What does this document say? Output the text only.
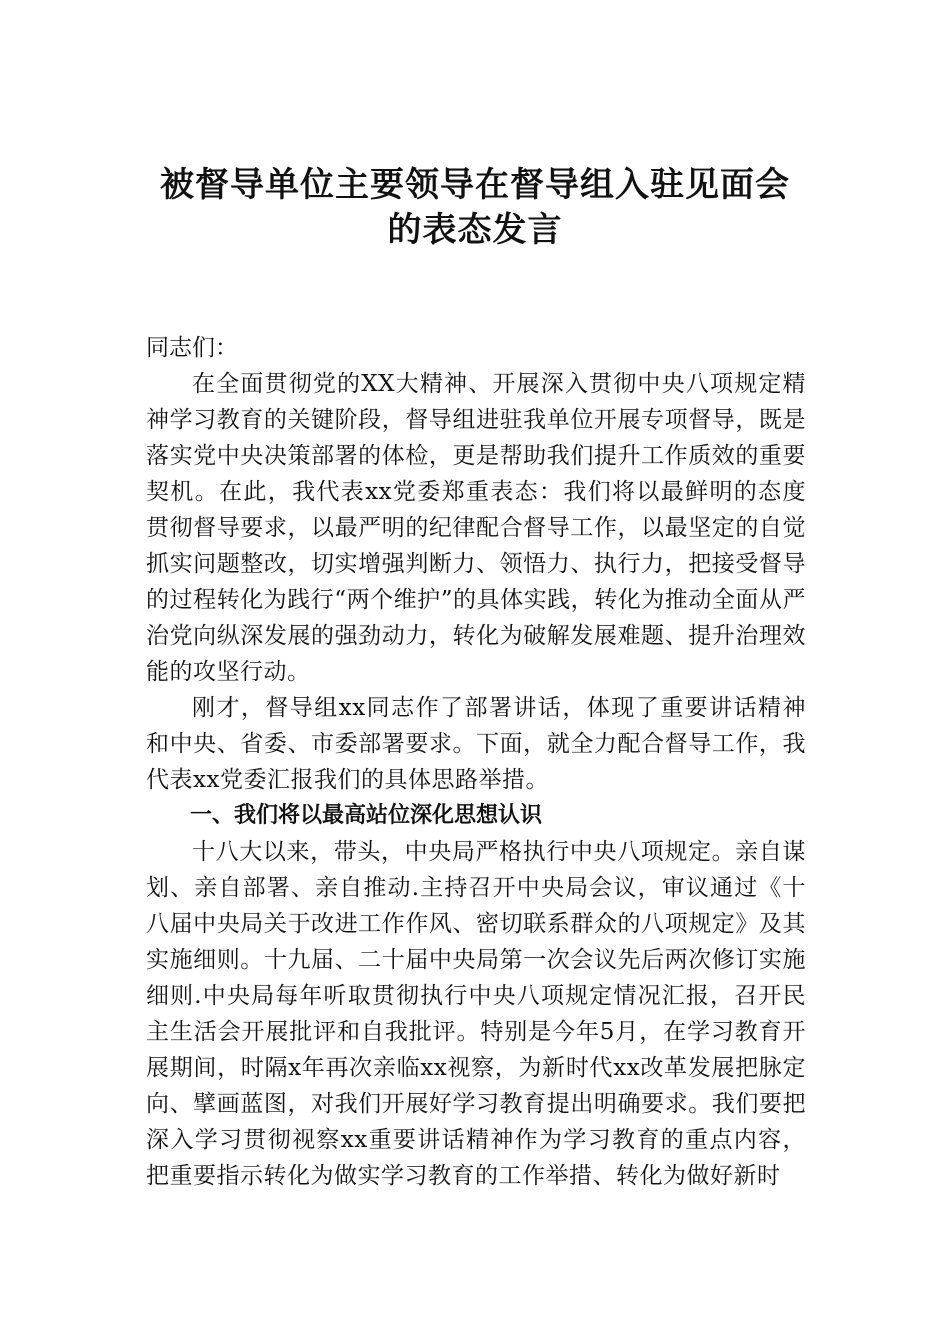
被督导单位主要领导在督导组入驻见面会
的表态发言

同志们：

在全面贯彻党的XX大精神、开展深入贯彻中央八项规定精神学习教育的关键阶段，督导组进驻我单位开展专项督导，既是落实党中央决策部署的体检，更是帮助我们提升工作质效的重要契机。在此，我代表xx党委郑重表态：我们将以最鲜明的态度贯彻督导要求，以最严明的纪律配合督导工作，以最坚定的自觉抓实问题整改，切实增强判断力、领悟力、执行力，把接受督导的过程转化为践行“两个维护”的具体实践，转化为推动全面从严治党向纵深发展的强劲动力，转化为破解发展难题、提升治理效能的攻坚行动。

刚才，督导组xx同志作了部署讲话，体现了重要讲话精神和中央、省委、市委部署要求。下面，就全力配合督导工作，我代表xx党委汇报我们的具体思路举措。

一、我们将以最高站位深化思想认识

十八大以来，带头，中央局严格执行中央八项规定。亲自谋划、亲自部署、亲自推动.主持召开中央局会议，审议通过《十八届中央局关于改进工作作风、密切联系群众的八项规定》及其实施细则。十九届、二十届中央局第一次会议先后两次修订实施细则.中央局每年听取贯彻执行中央八项规定情况汇报，召开民主生活会开展批评和自我批评。特别是今年5月，在学习教育开展期间，时隔x年再次亲临xx视察，为新时代xx改革发展把脉定向、擘画蓝图，对我们开展好学习教育提出明确要求。我们要把深入学习贯彻视察xx重要讲话精神作为学习教育的重点内容，把重要指示转化为做实学习教育的工作举措、转化为做好新时
